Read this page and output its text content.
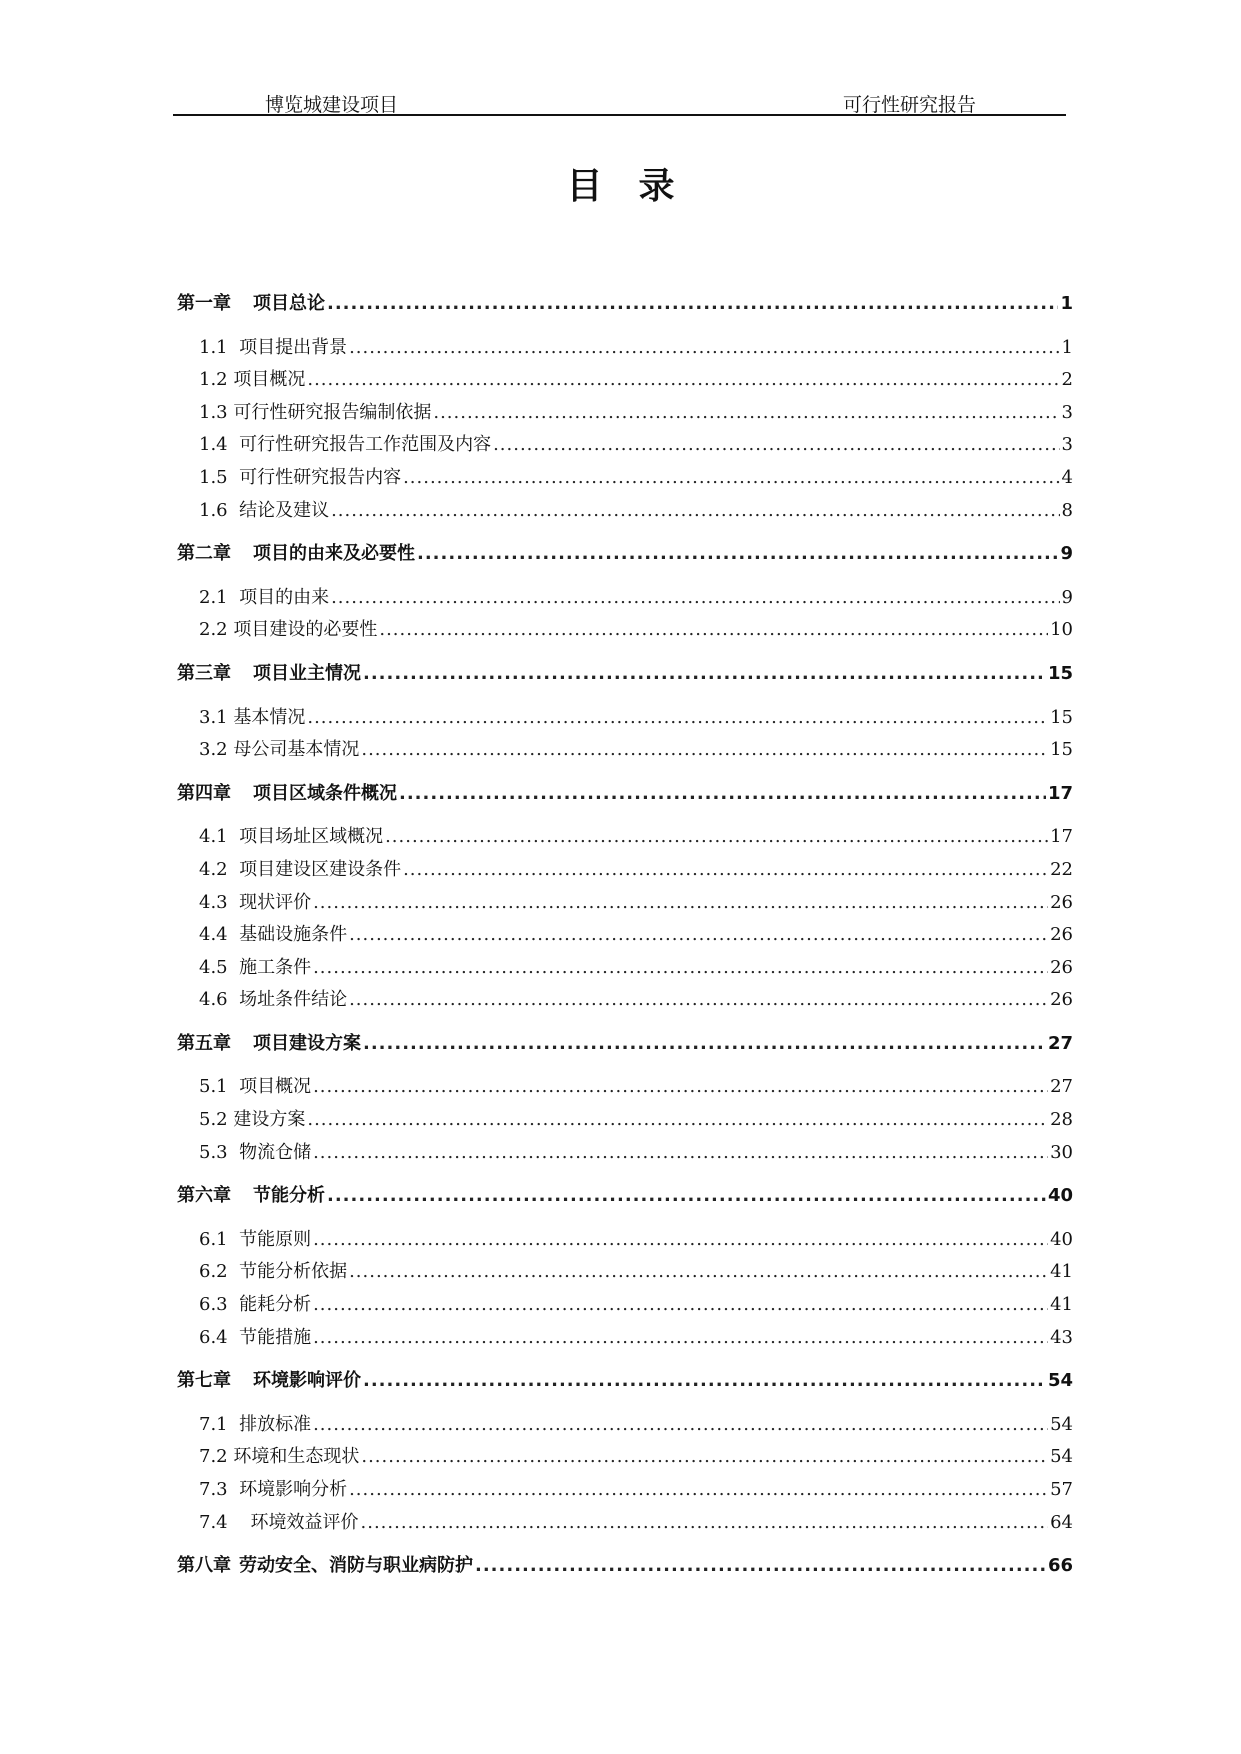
博览城建设项目	可行性研究报告
目录
第一章 项目总论 .....	1
1.1  项目提出背景 .....	1
1.2 项目概况 .....	2
1.3 可行性研究报告编制依据 .....	3
1.4  可行性研究报告工作范围及内容 .....	3
1.5  可行性研究报告内容 .....	4
1.6  结论及建议 .....	8
第二章 项目的由来及必要性 .....	9
2.1  项目的由来 .....	9
2.2 项目建设的必要性 .....	10
第三章 项目业主情况 .....	15
3.1 基本情况 .....	15
3.2 母公司基本情况 .....	15
第四章 项目区域条件概况 .....	17
4.1  项目场址区域概况 .....	17
4.2  项目建设区建设条件 .....	22
4.3  现状评价 .....	26
4.4  基础设施条件 .....	26
4.5  施工条件 .....	26
4.6  场址条件结论 .....	26
第五章 项目建设方案 .....	27
5.1  项目概况 .....	27
5.2 建设方案 .....	28
5.3  物流仓储 .....	30
第六章 节能分析 .....	40
6.1  节能原则 .....	40
6.2  节能分析依据 .....	41
6.3  能耗分析 .....	41
6.4  节能措施 .....	43
第七章 环境影响评价 .....	54
7.1  排放标准 .....	54
7.2 环境和生态现状 .....	54
7.3  环境影响分析 .....	57
7.4    环境效益评价 .....	64
第八章 劳动安全、消防与职业病防护 .....	66
